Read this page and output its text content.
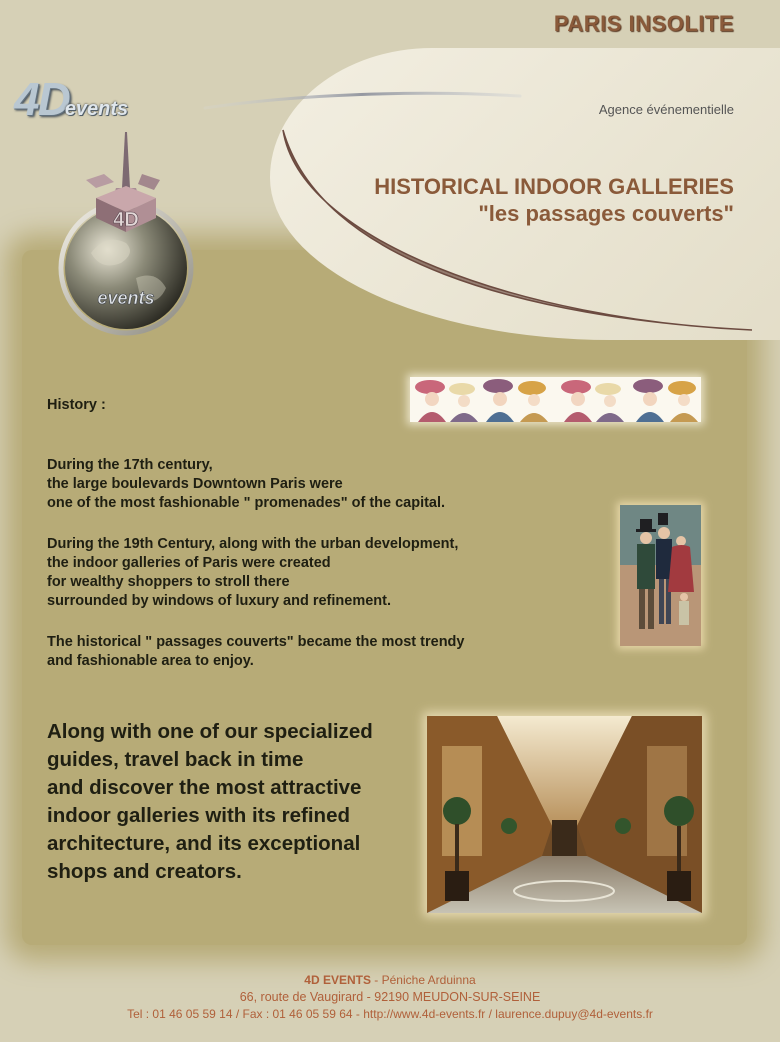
PARIS INSOLITE
Agence événementielle
HISTORICAL INDOOR GALLERIES
"les passages couverts"
4Devents
4D
events
History :
During the 17th century,
the large boulevards Downtown Paris were
one of the most fashionable " promenades" of the capital.
During the 19th Century, along with the urban development,
the indoor galleries of Paris were created
for wealthy shoppers to stroll there
surrounded by windows of luxury and refinement.
The historical " passages couverts" became the most trendy
and fashionable area to enjoy.
Along with one of our specialized
guides, travel back in time
and discover the most attractive
indoor galleries with its refined
architecture, and its exceptional
shops and creators.
4D EVENTS - Péniche Arduinna
66, route de Vaugirard - 92190 MEUDON-SUR-SEINE
Tel : 01 46 05 59 14 / Fax : 01 46 05 59 64 - http://www.4d-events.fr / laurence.dupuy@4d-events.fr
